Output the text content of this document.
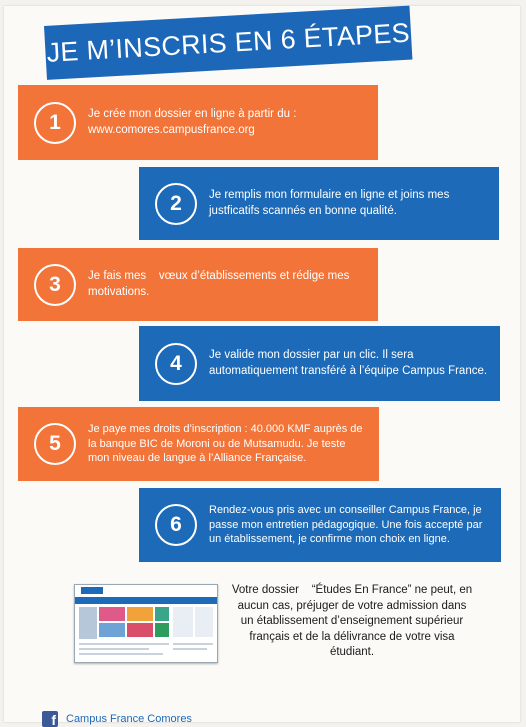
JE M’INSCRIS EN 6 ÉTAPES
1	Je crée mon dossier en ligne à partir du :
www.comores.campusfrance.org
2	Je remplis mon formulaire en ligne et joins mes justficatifs scannés en bonne qualité.
3	Je fais mes    vœux d’établissements et rédige mes motivations.
4	Je valide mon dossier par un clic. Il sera automatiquement transféré à l’équipe Campus France.
5
Je paye mes droits d’inscription : 40.000 KMF auprès de la banque BIC de Moroni ou de Mutsamudu. Je teste mon niveau de langue à l’Alliance Française.
6
Rendez-vous pris avec un conseiller Campus France, je passe mon entretien pédagogique. Une fois accepté par un établissement, je confirme mon choix en ligne.
Votre dossier    “Études En France” ne peut, en aucun cas, préjuger de votre admission dans un établissement d’enseignement supérieur français et de la délivrance de votre visa étudiant.
f Campus France Comores
